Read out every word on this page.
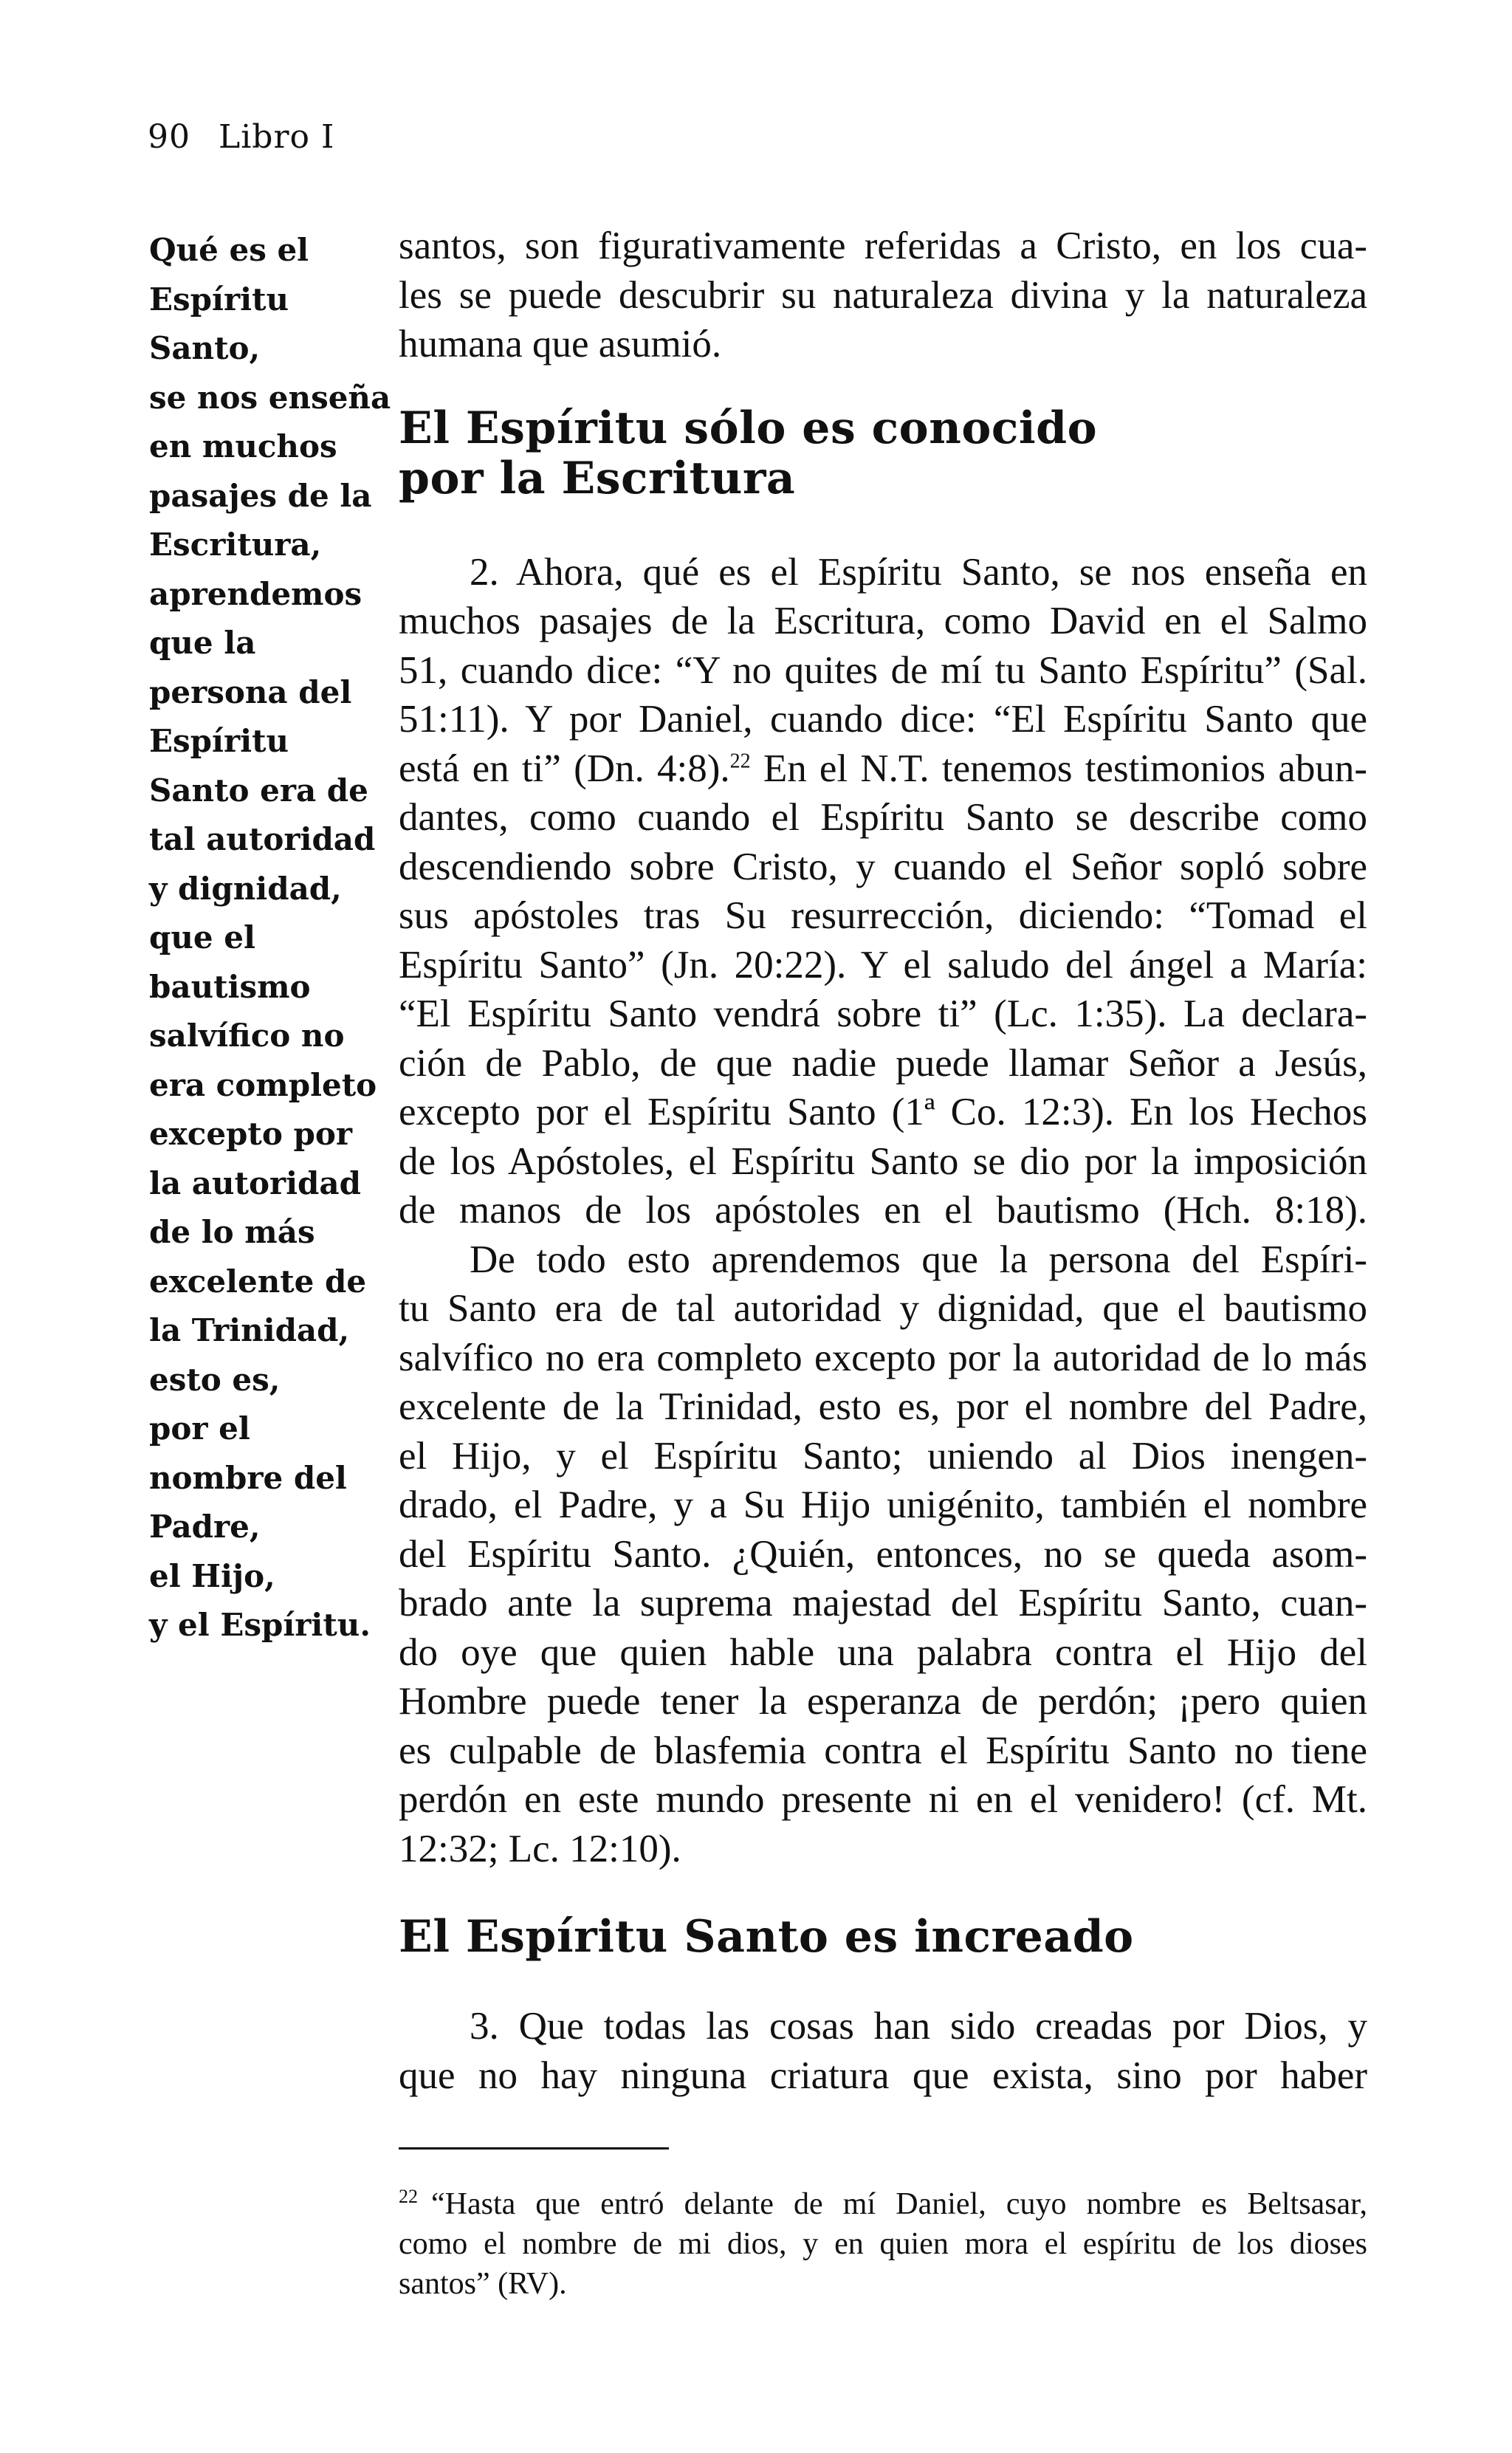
90 Libro I
Qué es el
Espíritu
Santo,
se nos enseña
en muchos
pasajes de la
Escritura,
aprendemos
que la
persona del
Espíritu
Santo era de
tal autoridad
y dignidad,
que el
bautismo
salvífico no
era completo
excepto por
la autoridad
de lo más
excelente de
la Trinidad,
esto es,
por el
nombre del
Padre,
el Hijo,
y el Espíritu.

santos, son figurativamente referidas a Cristo, en los cua-
les se puede descubrir su naturaleza divina y la naturaleza
humana que asumió.

El Espíritu sólo es conocido
por la Escritura

2. Ahora, qué es el Espíritu Santo, se nos enseña en
muchos pasajes de la Escritura, como David en el Salmo
51, cuando dice: “Y no quites de mí tu Santo Espíritu” (Sal.
51:11). Y por Daniel, cuando dice: “El Espíritu Santo que
está en ti” (Dn. 4:8).$^{22}$ En el N.T. tenemos testimonios abun-
dantes, como cuando el Espíritu Santo se describe como
descendiendo sobre Cristo, y cuando el Señor sopló sobre
sus apóstoles tras Su resurrección, diciendo: “Tomad el
Espíritu Santo” (Jn. 20:22). Y el saludo del ángel a María:
“El Espíritu Santo vendrá sobre ti” (Lc. 1:35). La declara-
ción de Pablo, de que nadie puede llamar Señor a Jesús,
excepto por el Espíritu Santo (1ª Co. 12:3). En los Hechos
de los Apóstoles, el Espíritu Santo se dio por la imposición
de manos de los apóstoles en el bautismo (Hch. 8:18).

De todo esto aprendemos que la persona del Espíri-
tu Santo era de tal autoridad y dignidad, que el bautismo
salvífico no era completo excepto por la autoridad de lo más
excelente de la Trinidad, esto es, por el nombre del Padre,
el Hijo, y el Espíritu Santo; uniendo al Dios inengen-
drado, el Padre, y a Su Hijo unigénito, también el nombre
del Espíritu Santo. ¿Quién, entonces, no se queda asom-
brado ante la suprema majestad del Espíritu Santo, cuan-
do oye que quien hable una palabra contra el Hijo del
Hombre puede tener la esperanza de perdón; ¡pero quien
es culpable de blasfemia contra el Espíritu Santo no tiene
perdón en este mundo presente ni en el venidero! (cf. Mt.
12:32; Lc. 12:10).

El Espíritu Santo es increado

3. Que todas las cosas han sido creadas por Dios, y
que no hay ninguna criatura que exista, sino por haber

$^{22}$ “Hasta que entró delante de mí Daniel, cuyo nombre es Beltsasar,
como el nombre de mi dios, y en quien mora el espíritu de los dioses
santos” (RV).
